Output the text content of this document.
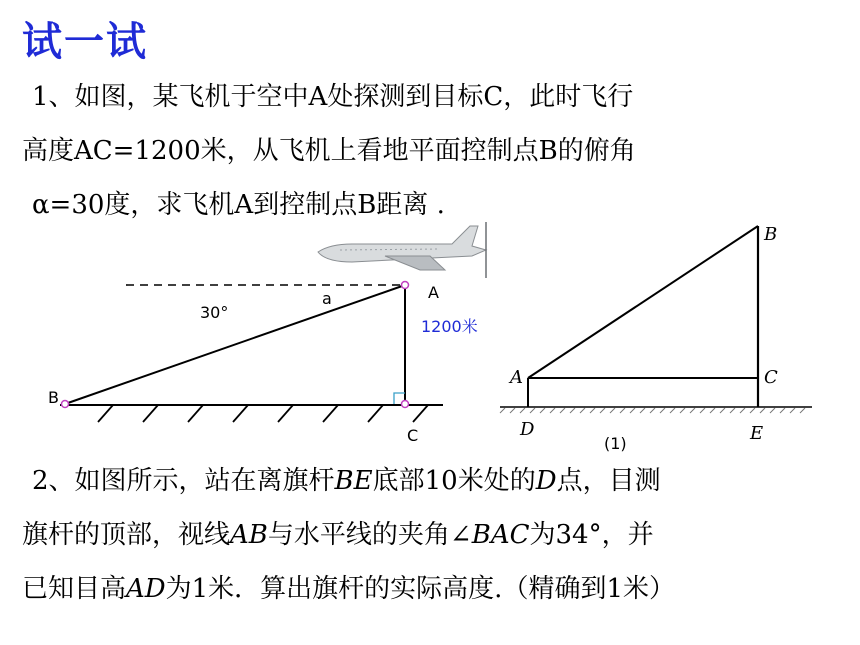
试一试
1、如图，某飞机于空中A处探测到目标C，此时飞行
高度AC=1200米，从飞机上看地平面控制点B的俯角
α=30度，求飞机A到控制点B距离 .
30°
a	A
B
C
1200米
A
B
C
D	E
(1)
2、如图所示，站在离旗杆BE底部10米处的D点，目测
旗杆的顶部，视线AB与水平线的夹角∠BAC为34°，并
已知目高AD为1米．算出旗杆的实际高度.（精确到1米）
